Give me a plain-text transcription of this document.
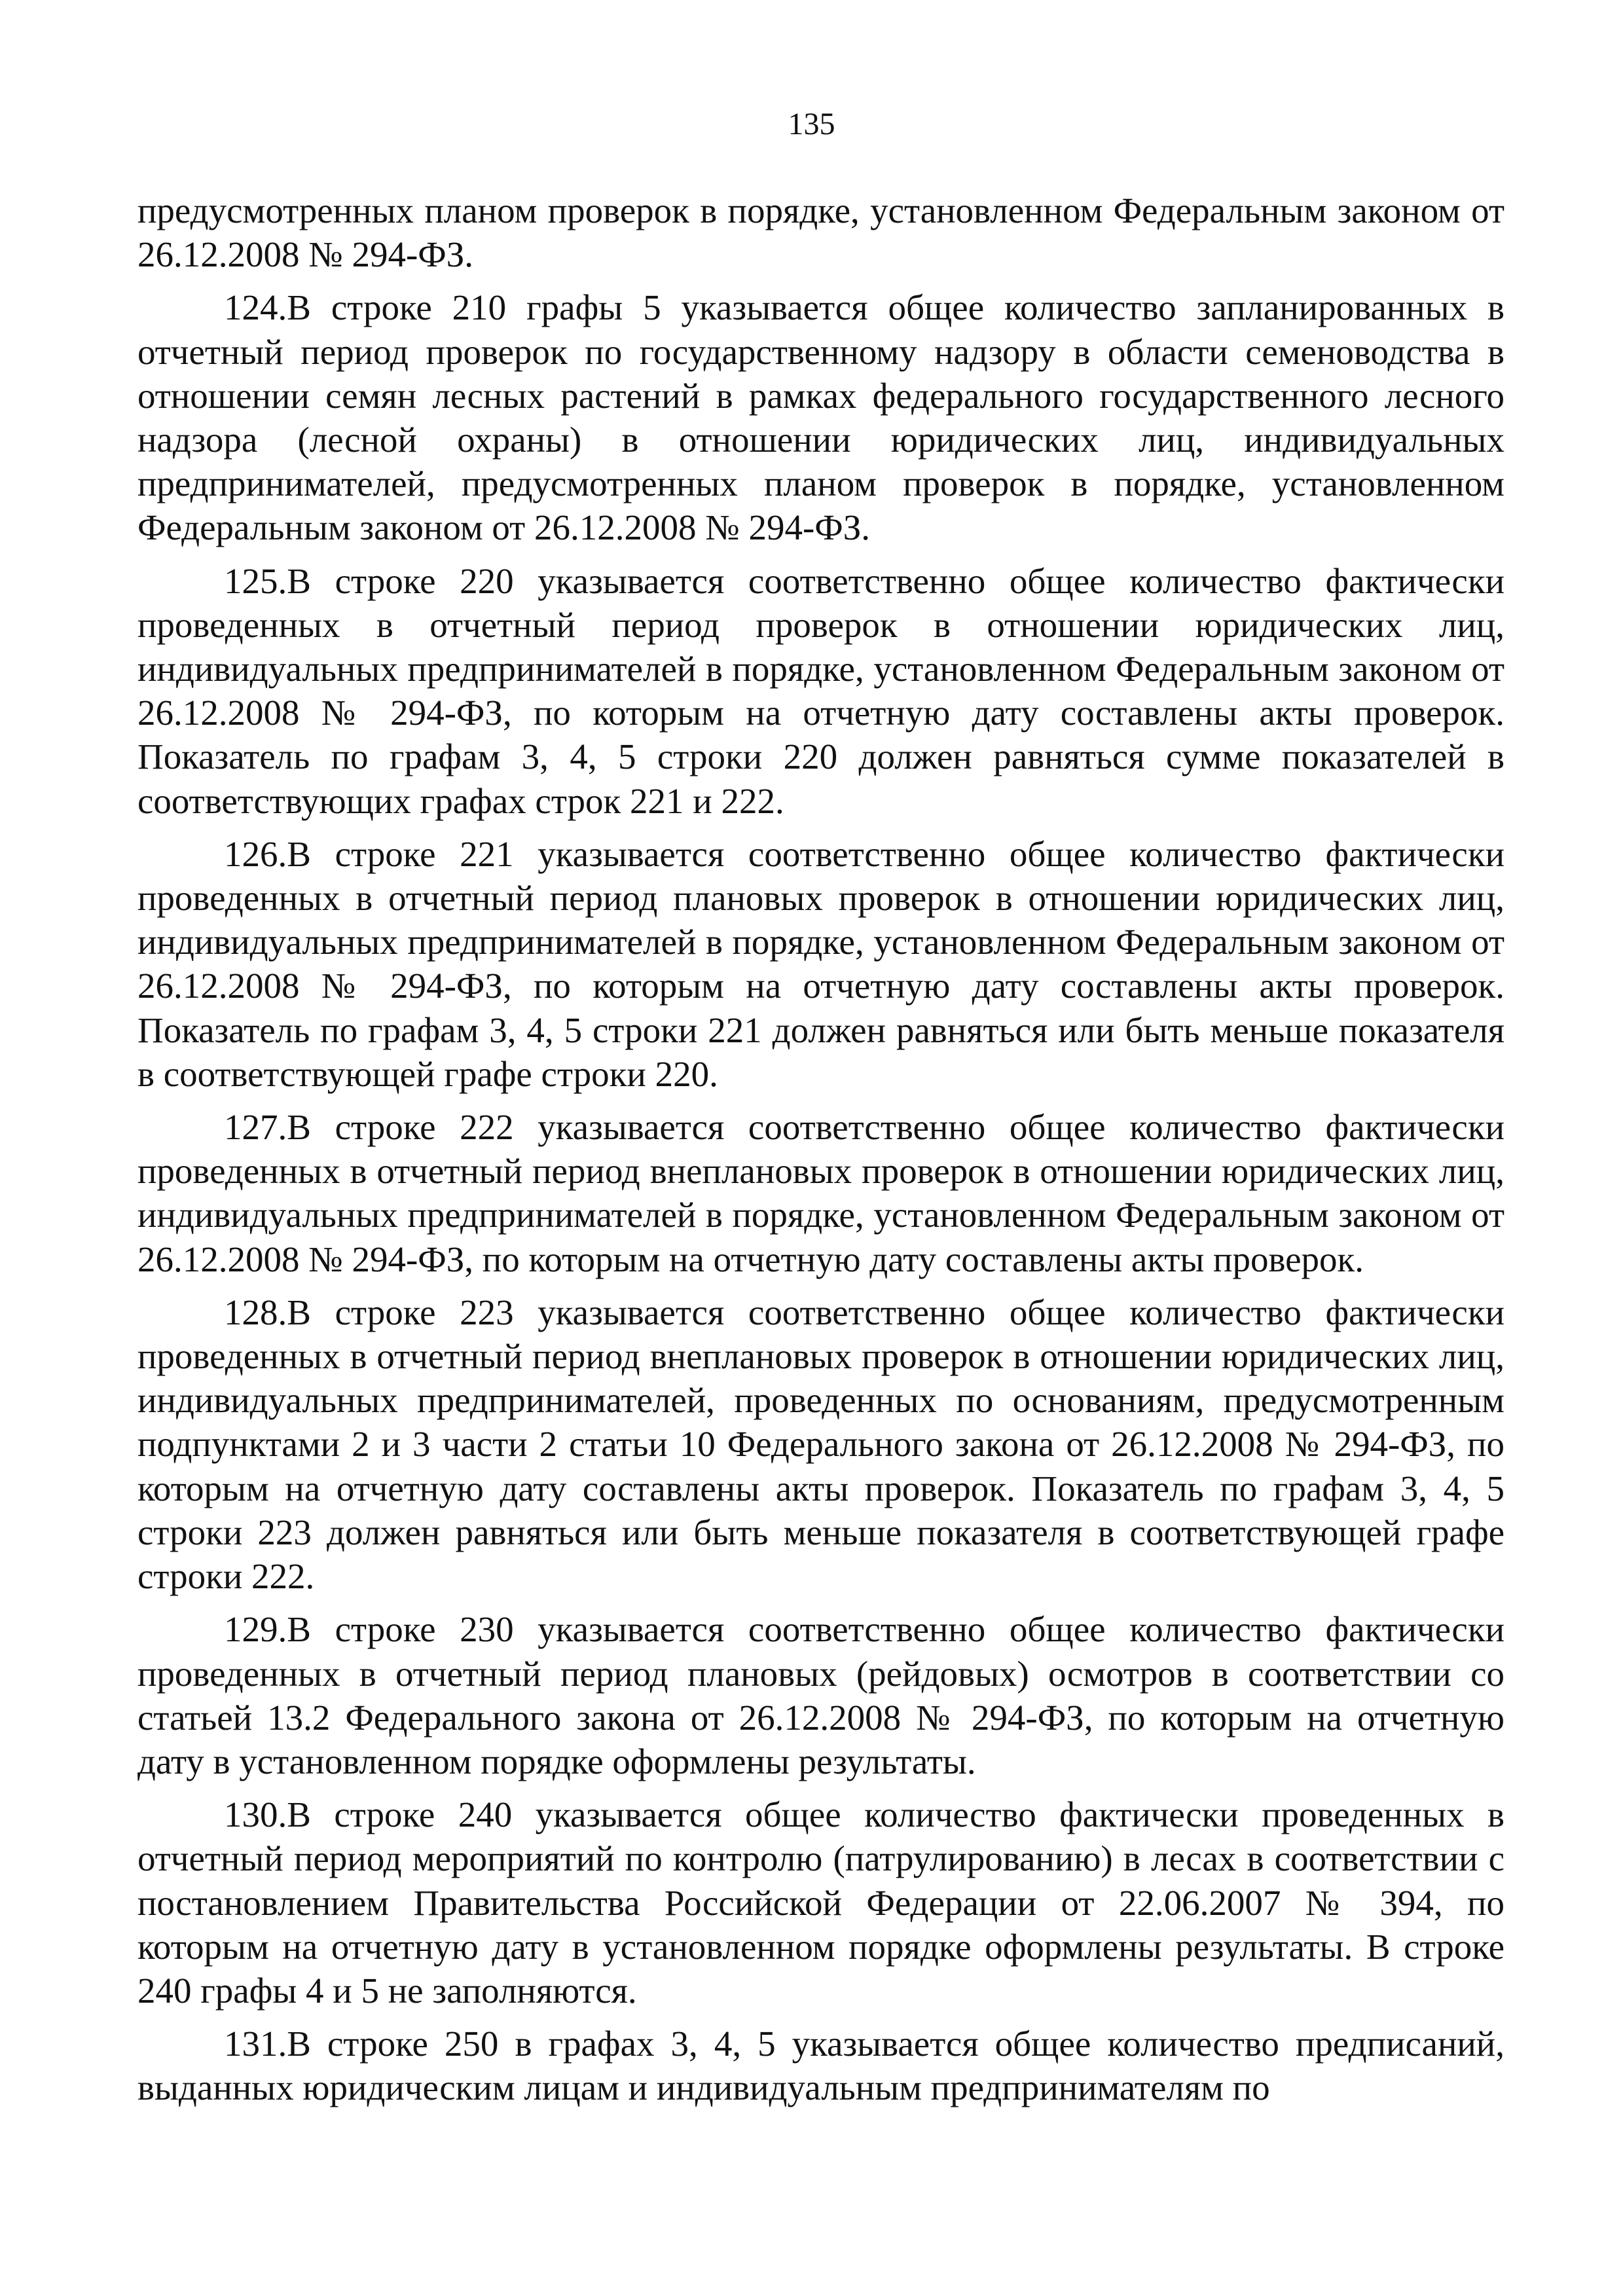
135

предусмотренных планом проверок в порядке, установленном Федеральным законом от 26.12.2008 № 294-ФЗ.

124.В строке 210 графы 5 указывается общее количество запланированных в отчетный период проверок по государственному надзору в области семеноводства в отношении семян лесных растений в рамках федерального государственного лесного надзора (лесной охраны) в отношении юридических лиц, индивидуальных предпринимателей, предусмотренных планом проверок в порядке, установленном Федеральным законом от 26.12.2008 № 294-ФЗ.

125.В строке 220 указывается соответственно общее количество фактически проведенных в отчетный период проверок в отношении юридических лиц, индивидуальных предпринимателей в порядке, установленном Федеральным законом от 26.12.2008 № 294-ФЗ, по которым на отчетную дату составлены акты проверок. Показатель по графам 3, 4, 5 строки 220 должен равняться сумме показателей в соответствующих графах строк 221 и 222.

126.В строке 221 указывается соответственно общее количество фактически проведенных в отчетный период плановых проверок в отношении юридических лиц, индивидуальных предпринимателей в порядке, установленном Федеральным законом от 26.12.2008 № 294-ФЗ, по которым на отчетную дату составлены акты проверок. Показатель по графам 3, 4, 5 строки 221 должен равняться или быть меньше показателя в соответствующей графе строки 220.

127.В строке 222 указывается соответственно общее количество фактически проведенных в отчетный период внеплановых проверок в отношении юридических лиц, индивидуальных предпринимателей в порядке, установленном Федеральным законом от 26.12.2008 № 294-ФЗ, по которым на отчетную дату составлены акты проверок.

128.В строке 223 указывается соответственно общее количество фактически проведенных в отчетный период внеплановых проверок в отношении юридических лиц, индивидуальных предпринимателей, проведенных по основаниям, предусмотренным подпунктами 2 и 3 части 2 статьи 10 Федерального закона от 26.12.2008 № 294-ФЗ, по которым на отчетную дату составлены акты проверок. Показатель по графам 3, 4, 5 строки 223 должен равняться или быть меньше показателя в соответствующей графе строки 222.

129.В строке 230 указывается соответственно общее количество фактически проведенных в отчетный период плановых (рейдовых) осмотров в соответствии со статьей 13.2 Федерального закона от 26.12.2008 № 294-ФЗ, по которым на отчетную дату в установленном порядке оформлены результаты.

130.В строке 240 указывается общее количество фактически проведенных в отчетный период мероприятий по контролю (патрулированию) в лесах в соответствии с постановлением Правительства Российской Федерации от 22.06.2007 № 394, по которым на отчетную дату в установленном порядке оформлены результаты. В строке 240 графы 4 и 5 не заполняются.

131.В строке 250 в графах 3, 4, 5 указывается общее количество предписаний, выданных юридическим лицам и индивидуальным предпринимателям по
